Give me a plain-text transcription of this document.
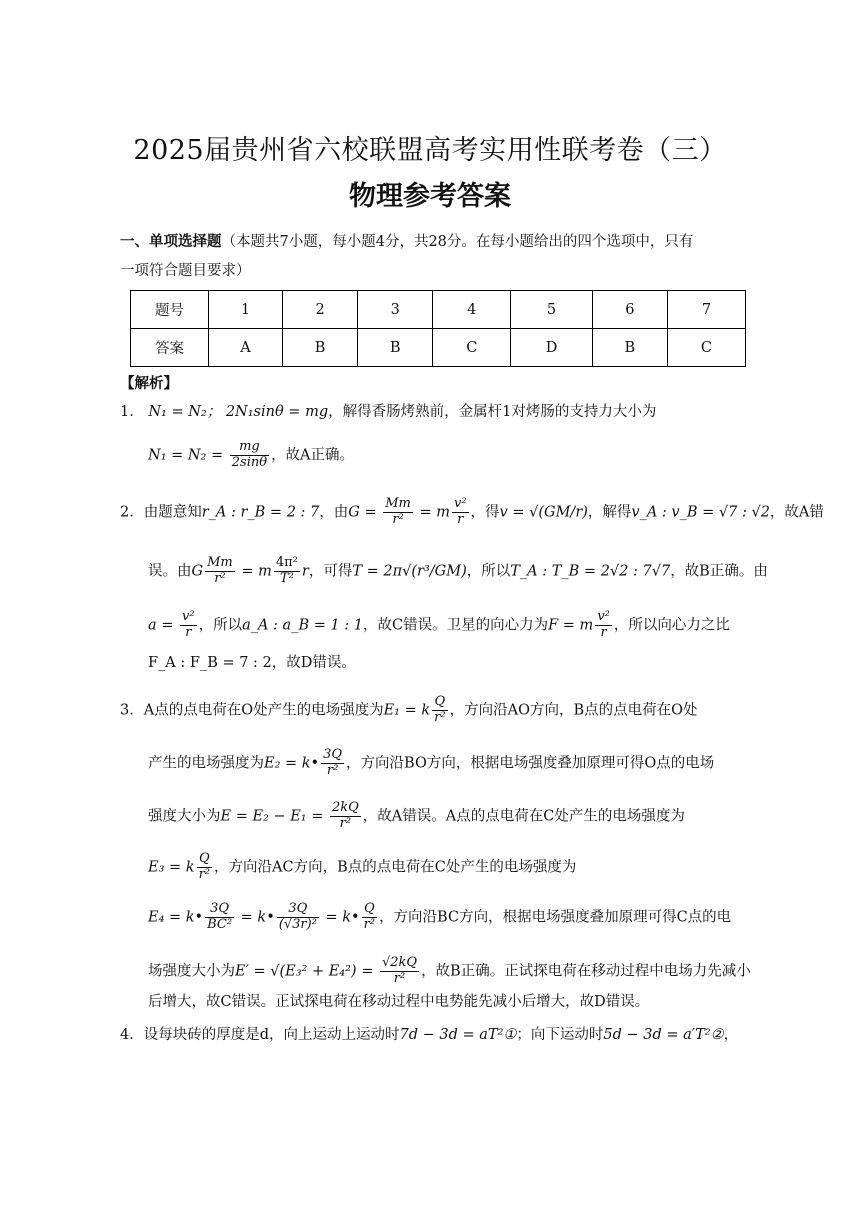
2025届贵州省六校联盟高考实用性联考卷（三）
物理参考答案
一、单项选择题（本题共7小题，每小题4分，共28分。在每小题给出的四个选项中，只有
一项符合题目要求）
题号	1	2	3	4	5	6	7
答案	A	B	B	C	D	B	C
【解析】
1． N₁ = N₂； 2N₁sinθ = mg，解得香肠烤熟前，金属杆1对烤肠的支持力大小为
$N_1 = N_2 = \frac{mg}{2\sin\theta}$ ，故A正确。
2．由题意知r_A : r_B = 2 : 7，由$G = \frac{Mm}{\text{r²}} = m \frac{\text{v²}}{r}$ ，得v = √(GM/r)，解得v_A : v_B = √7 : √2，故A错
误。由G $\frac{Mm}{\text{r²}} = m \frac{\text{4π²}}{\text{T²}}$ r，可得T = 2π√(r³/GM)，所以T_A : T_B = 2√2 : 7√7，故B正确。由
$a = \frac{\text{v²}}{r}$ ，所以a_A : a_B = 1 : 1，故C错误。卫星的向心力为F = m $\frac{\text{v²}}{r}$ ，所以向心力之比
F_A : F_B = 7 : 2，故D错误。
3．A点的点电荷在O处产生的电场强度为E₁ = k $\frac{Q}{\text{r²}}$ ，方向沿AO方向，B点的点电荷在O处
产生的电场强度为E₂ = k• $\frac{3Q}{\text{r²}}$ ，方向沿BO方向，根据电场强度叠加原理可得O点的电场
强度大小为$E = E_2 - E_1 = \frac{2kQ}{\text{r²}}$ ，故A错误。A点的点电荷在C处产生的电场强度为
E₃ = k $\frac{Q}{\text{r²}}$ ，方向沿AC方向，B点的点电荷在C处产生的电场强度为
E₄ = k• $\frac{3Q}{\text{BC²}}$ = k• $\frac{3Q}{\text{(√3r)²}}$ = k• $\frac{Q}{\text{r²}}$ ，方向沿BC方向，根据电场强度叠加原理可得C点的电
场强度大小为$E' = √(E_3^2 + E_4^2) = \frac{√2kQ}{\text{r²}}$ ，故B正确。正试探电荷在移动过程中电场力先减小
后增大，故C错误。正试探电荷在移动过程中电势能先减小后增大，故D错误。
4．设每块砖的厚度是d，向上运动上运动时7d − 3d = aT²①；向下运动时5d − 3d = a′T²②，
